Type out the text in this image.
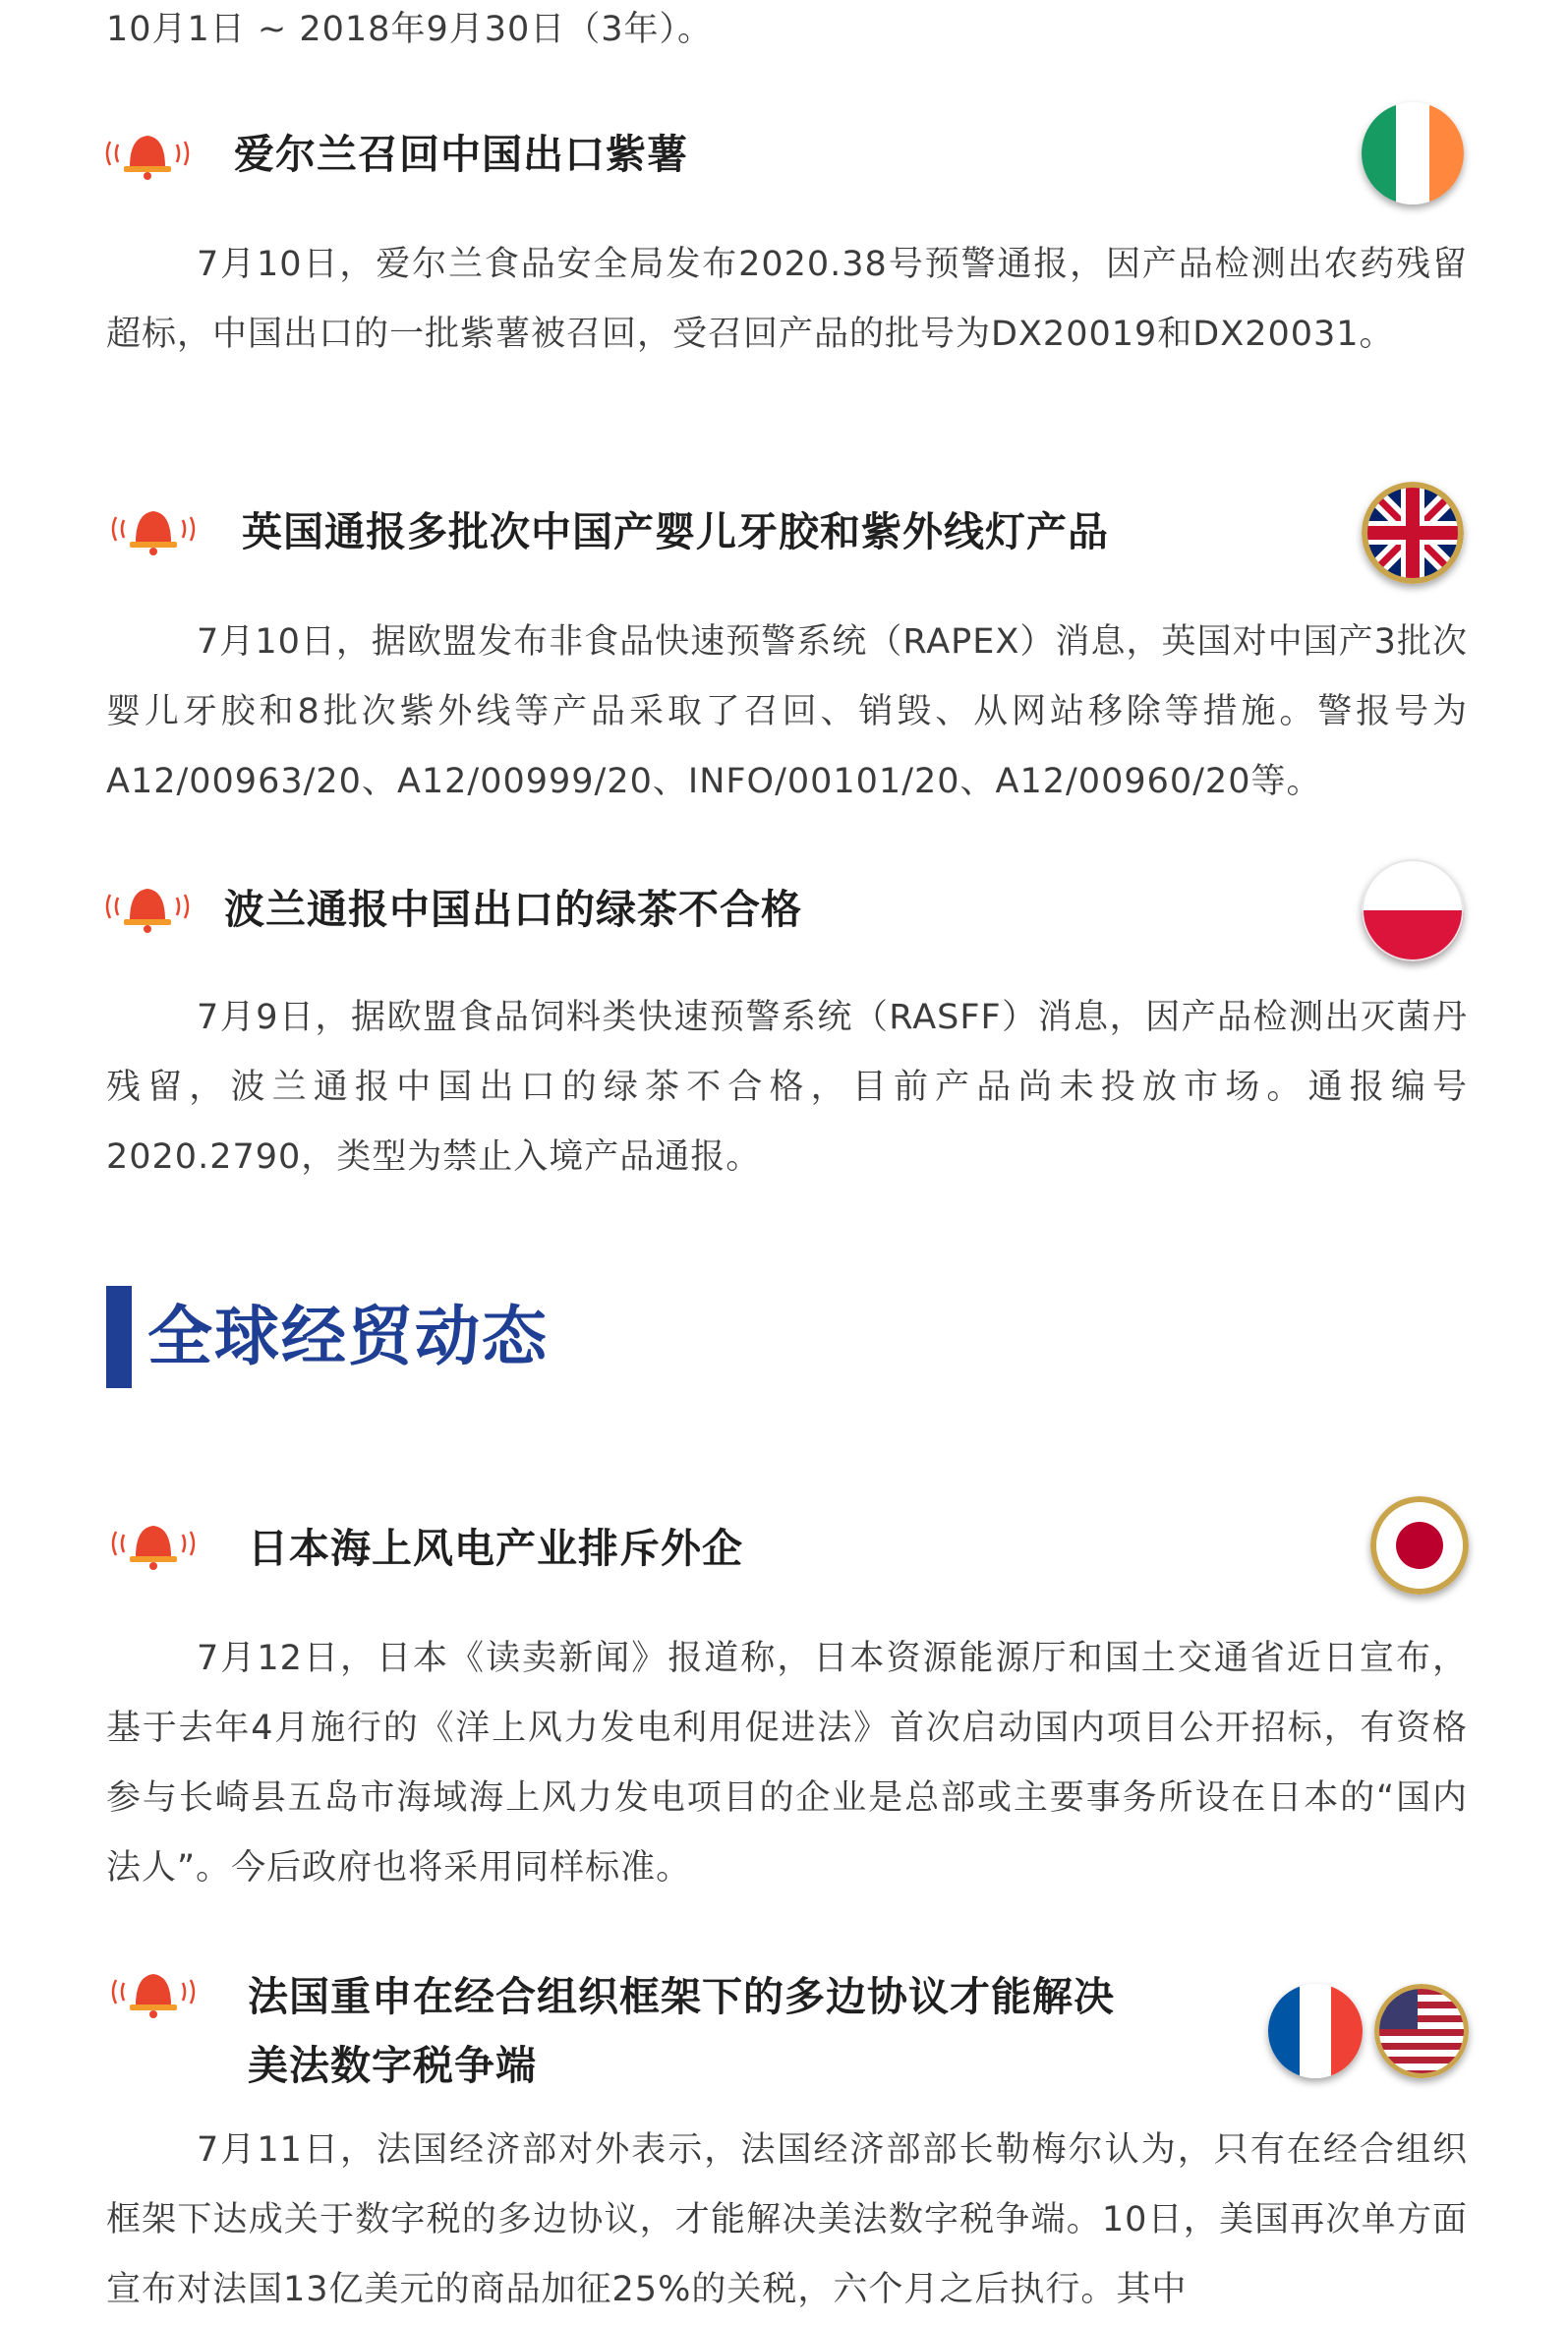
10月1日 ~ 2018年9月30日（3年）。
爱尔兰召回中国出口紫薯

7月10日，爱尔兰食品安全局发布2020.38号预警通报，因产品检测出农药残留超标，中国出口的一批紫薯被召回，受召回产品的批号为DX20019和DX20031。

英国通报多批次中国产婴儿牙胶和紫外线灯产品

7月10日，据欧盟发布非食品快速预警系统（RAPEX）消息，英国对中国产3批次婴儿牙胶和8批次紫外线等产品采取了召回、销毁、从网站移除等措施。警报号为A12/00963/20、A12/00999/20、INFO/00101/20、A12/00960/20等。

波兰通报中国出口的绿茶不合格

7月9日，据欧盟食品饲料类快速预警系统（RASFF）消息，因产品检测出灭菌丹残留，波兰通报中国出口的绿茶不合格，目前产品尚未投放市场。通报编号2020.2790，类型为禁止入境产品通报。

全球经贸动态
日本海上风电产业排斥外企

7月12日，日本《读卖新闻》报道称，日本资源能源厅和国土交通省近日宣布，基于去年4月施行的《洋上风力发电利用促进法》首次启动国内项目公开招标，有资格参与长崎县五岛市海域海上风力发电项目的企业是总部或主要事务所设在日本的“国内法人”。今后政府也将采用同样标准。

法国重申在经合组织框架下的多边协议才能解决
美法数字税争端

7月11日，法国经济部对外表示，法国经济部部长勒梅尔认为，只有在经合组织框架下达成关于数字税的多边协议，才能解决美法数字税争端。10日，美国再次单方面宣布对法国13亿美元的商品加征25%的关税，六个月之后执行。其中
